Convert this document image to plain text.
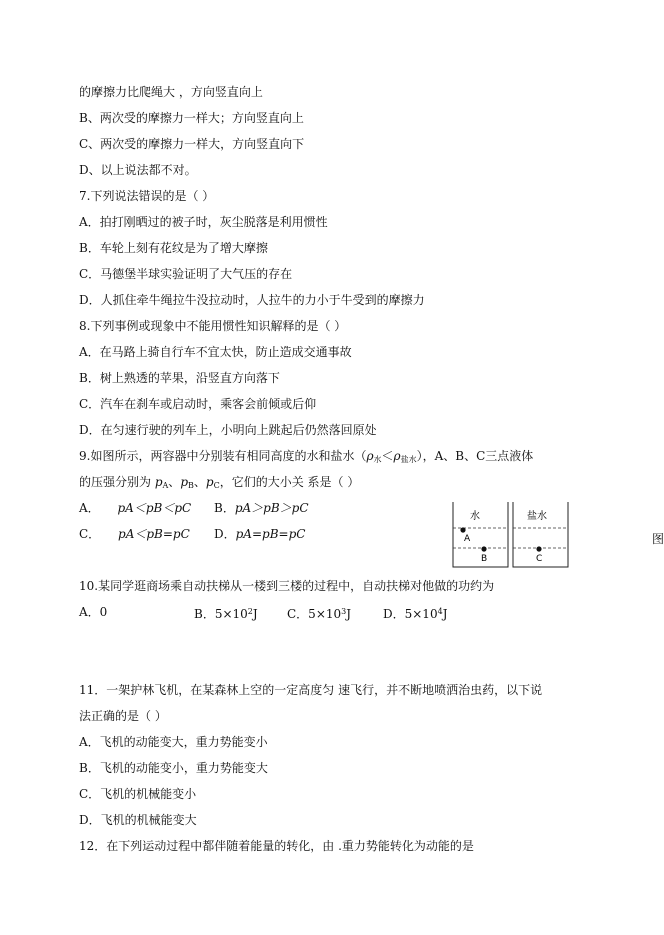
的摩擦力比爬绳大 ，方向竖直向上
B、两次受的摩擦力一样大；方向竖直向上
C、两次受的摩擦力一样大，方向竖直向下
D、以上说法都不对。
7.下列说法错误的是（ ）
A．拍打刚晒过的被子时，灰尘脱落是利用惯性
B．车轮上刻有花纹是为了增大摩擦
C．马德堡半球实验证明了大气压的存在
D．人抓住牵牛绳拉牛没拉动时，人拉牛的力小于牛受到的摩擦力
8.下列事例或现象中不能用惯性知识解释的是（ ）
A．在马路上骑自行车不宜太快，防止造成交通事故
B．树上熟透的苹果，沿竖直方向落下
C．汽车在刹车或启动时，乘客会前倾或后仰
D．在匀速行驶的列车上，小明向上跳起后仍然落回原处
9.如图所示，两容器中分别装有相同高度的水和盐水$(\rho_水<\rho_{盐水})$，A、B、C三点液体
的压强分别为 $p_A$、$p_B$、$p_C$，它们的大小关 系是（ ）
A． pA＜pB＜pC B．pA＞pB＞pC
C． pA＜pB=pC D．pA=pB=pC
水	盐水
A
B	C
图
10.某同学逛商场乘自动扶梯从一楼到三楼的过程中，自动扶梯对他做的功约为
A．0	B．$5\times 10^2J$ C．$5\times 10^3J$	D．$5\times 10^4J$
11．一架护林飞机，在某森林上空的一定高度匀 速飞行，并不断地喷洒治虫药，以下说
法正确的是（ ）
A．飞机的动能变大，重力势能变小
B．飞机的动能变小，重力势能变大
C．飞机的机械能变小
D．飞机的机械能变大
12．在下列运动过程中都伴随着能量的转化，由 .重力势能转化为动能的是
